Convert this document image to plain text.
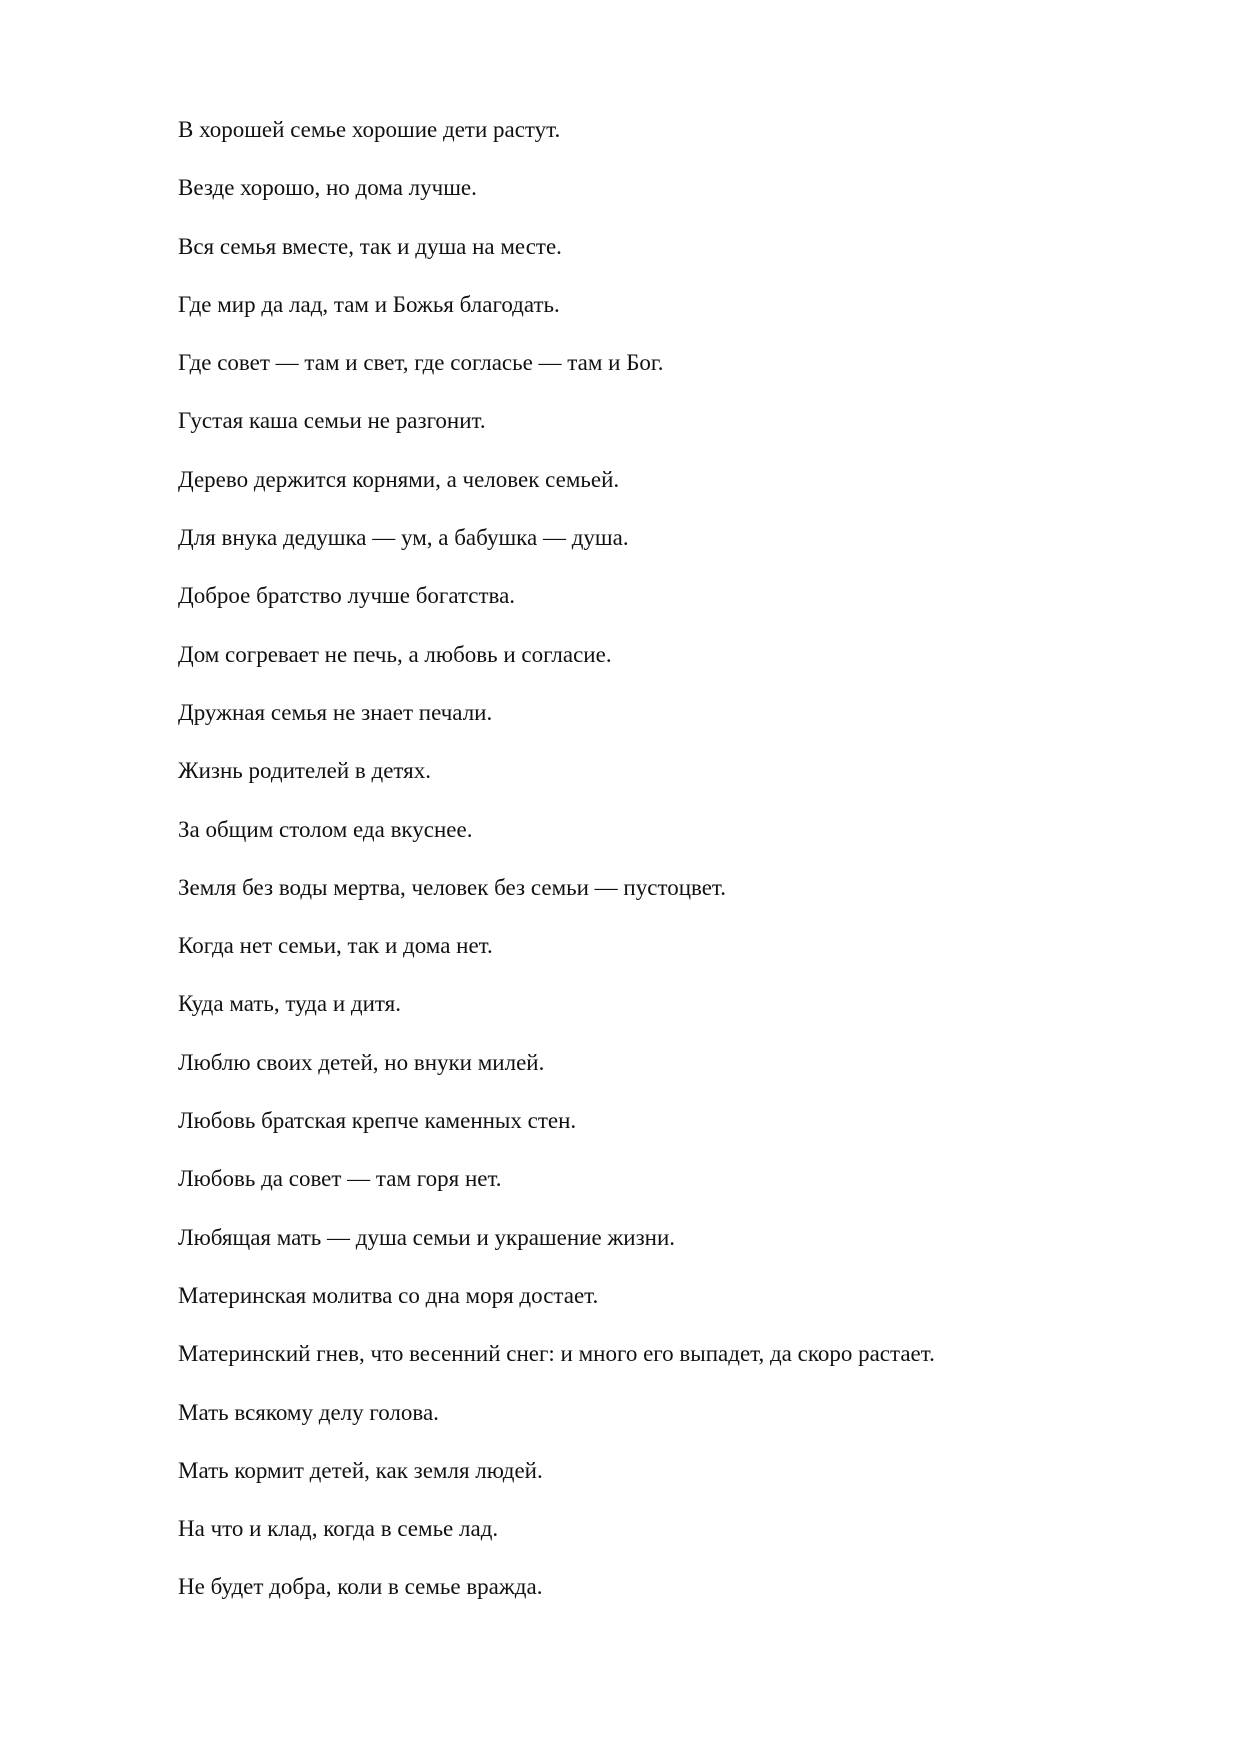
В хорошей семье хорошие дети растут.
Везде хорошо, но дома лучше.
Вся семья вместе, так и душа на месте.
Где мир да лад, там и Божья благодать.
Где совет — там и свет, где согласье — там и Бог.
Густая каша семьи не разгонит.
Дерево держится корнями, а человек семьей.
Для внука дедушка — ум, а бабушка — душа.
Доброе братство лучше богатства.
Дом согревает не печь, а любовь и согласие.
Дружная семья не знает печали.
Жизнь родителей в детях.
За общим столом еда вкуснее.
Земля без воды мертва, человек без семьи — пустоцвет.
Когда нет семьи, так и дома нет.
Куда мать, туда и дитя.
Люблю своих детей, но внуки милей.
Любовь братская крепче каменных стен.
Любовь да совет — там горя нет.
Любящая мать — душа семьи и украшение жизни.
Материнская молитва со дна моря достает.
Материнский гнев, что весенний снег: и много его выпадет, да скоро растает.
Мать всякому делу голова.
Мать кормит детей, как земля людей.
На что и клад, когда в семье лад.
Не будет добра, коли в семье вражда.
